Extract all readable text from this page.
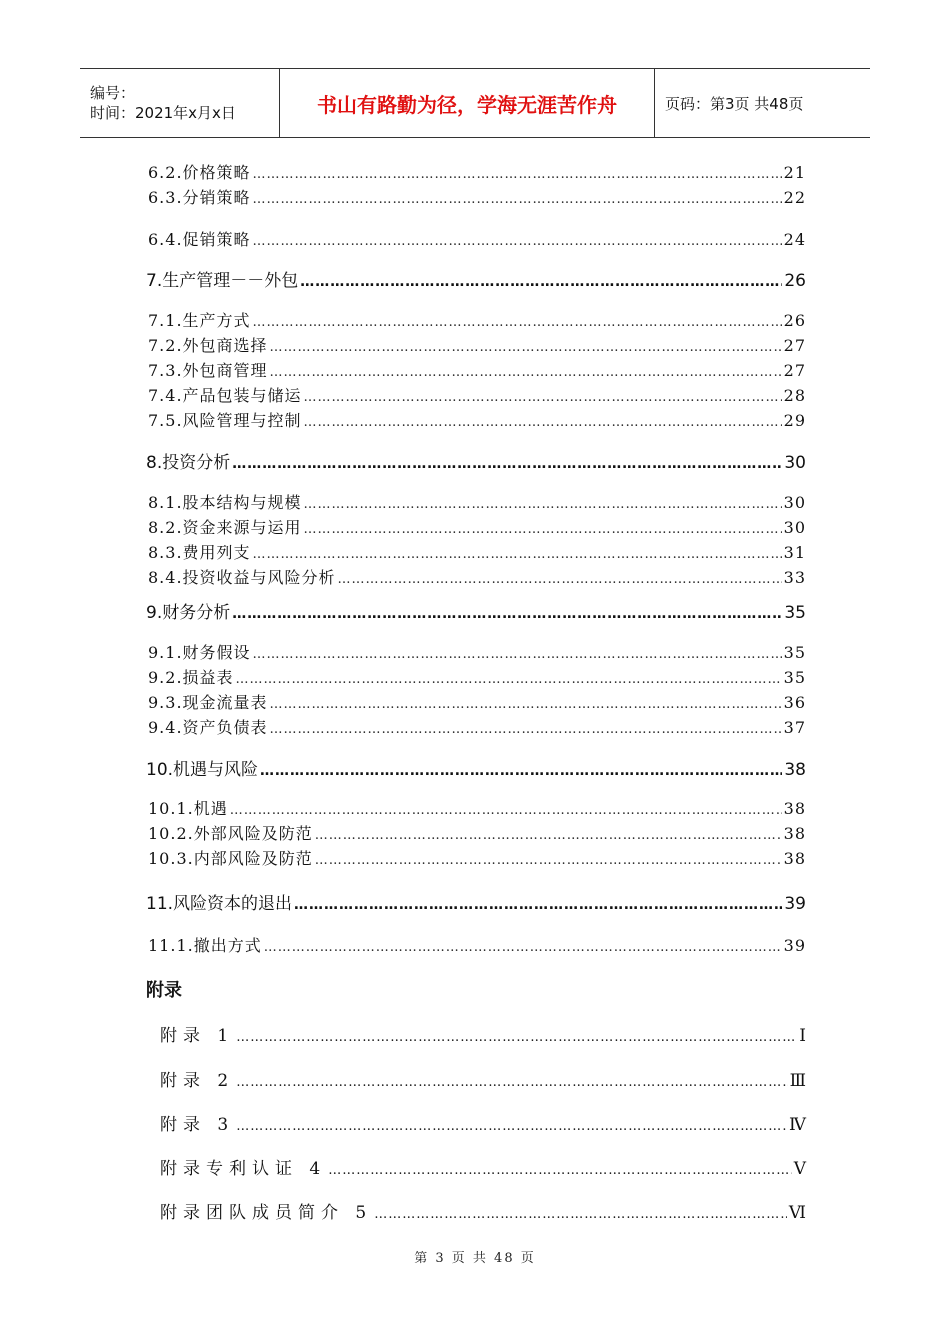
编号：
时间：2021年x月x日	书山有路勤为径，学海无涯苦作舟	页码：第3页 共48页
6.2.价格策略 ………………………………………………………………………………………………………………………………………………………………………………………………………………………………………………………………	21
6.3.分销策略 ………………………………………………………………………………………………………………………………………………………………………………………………………………………………………………………………	22
6.4.促销策略 ………………………………………………………………………………………………………………………………………………………………………………………………………………………………………………………………	24
7.生产管理－－外包 ………………………………………………………………………………………………………………………………………………………………………………………………………………………………………………………………	26
7.1.生产方式 ………………………………………………………………………………………………………………………………………………………………………………………………………………………………………………………………	26
7.2.外包商选择 ………………………………………………………………………………………………………………………………………………………………………………………………………………………………………………………………	27
7.3.外包商管理 ………………………………………………………………………………………………………………………………………………………………………………………………………………………………………………………………	27
7.4.产品包装与储运 ………………………………………………………………………………………………………………………………………………………………………………………………………………………………………………………………	28
7.5.风险管理与控制 ………………………………………………………………………………………………………………………………………………………………………………………………………………………………………………………………	29
8.投资分析 ………………………………………………………………………………………………………………………………………………………………………………………………………………………………………………………………	30
8.1.股本结构与规模 ………………………………………………………………………………………………………………………………………………………………………………………………………………………………………………………………	30
8.2.资金来源与运用 ………………………………………………………………………………………………………………………………………………………………………………………………………………………………………………………………	30
8.3.费用列支 ………………………………………………………………………………………………………………………………………………………………………………………………………………………………………………………………	31
8.4.投资收益与风险分析 ………………………………………………………………………………………………………………………………………………………………………………………………………………………………………………………………	33
9.财务分析 ………………………………………………………………………………………………………………………………………………………………………………………………………………………………………………………………	35
9.1.财务假设 ………………………………………………………………………………………………………………………………………………………………………………………………………………………………………………………………	35
9.2.损益表 ………………………………………………………………………………………………………………………………………………………………………………………………………………………………………………………………	35
9.3.现金流量表 ………………………………………………………………………………………………………………………………………………………………………………………………………………………………………………………………	36
9.4.资产负债表 ………………………………………………………………………………………………………………………………………………………………………………………………………………………………………………………………	37
10.机遇与风险 ………………………………………………………………………………………………………………………………………………………………………………………………………………………………………………………………	38
10.1.机遇 ………………………………………………………………………………………………………………………………………………………………………………………………………………………………………………………………	38
10.2.外部风险及防范 ………………………………………………………………………………………………………………………………………………………………………………………………………………………………………………………………	38
10.3.内部风险及防范 ………………………………………………………………………………………………………………………………………………………………………………………………………………………………………………………………	38
11.风险资本的退出 ………………………………………………………………………………………………………………………………………………………………………………………………………………………………………………………………	39
11.1.撤出方式 ………………………………………………………………………………………………………………………………………………………………………………………………………………………………………………………………	39
附录
附录 1 ………………………………………………………………………………………………………………………………………………………………………………………………………………………………………………………………	Ⅰ
附录 2 ………………………………………………………………………………………………………………………………………………………………………………………………………………………………………………………………	Ⅲ
附录 3 ………………………………………………………………………………………………………………………………………………………………………………………………………………………………………………………………	Ⅳ
附录专利认证 4 ………………………………………………………………………………………………………………………………………………………………………………………………………………………………………………………………	Ⅴ
附录团队成员简介 5 ………………………………………………………………………………………………………………………………………………………………………………………………………………………………………………………………	Ⅵ
第 3 页 共 48 页
